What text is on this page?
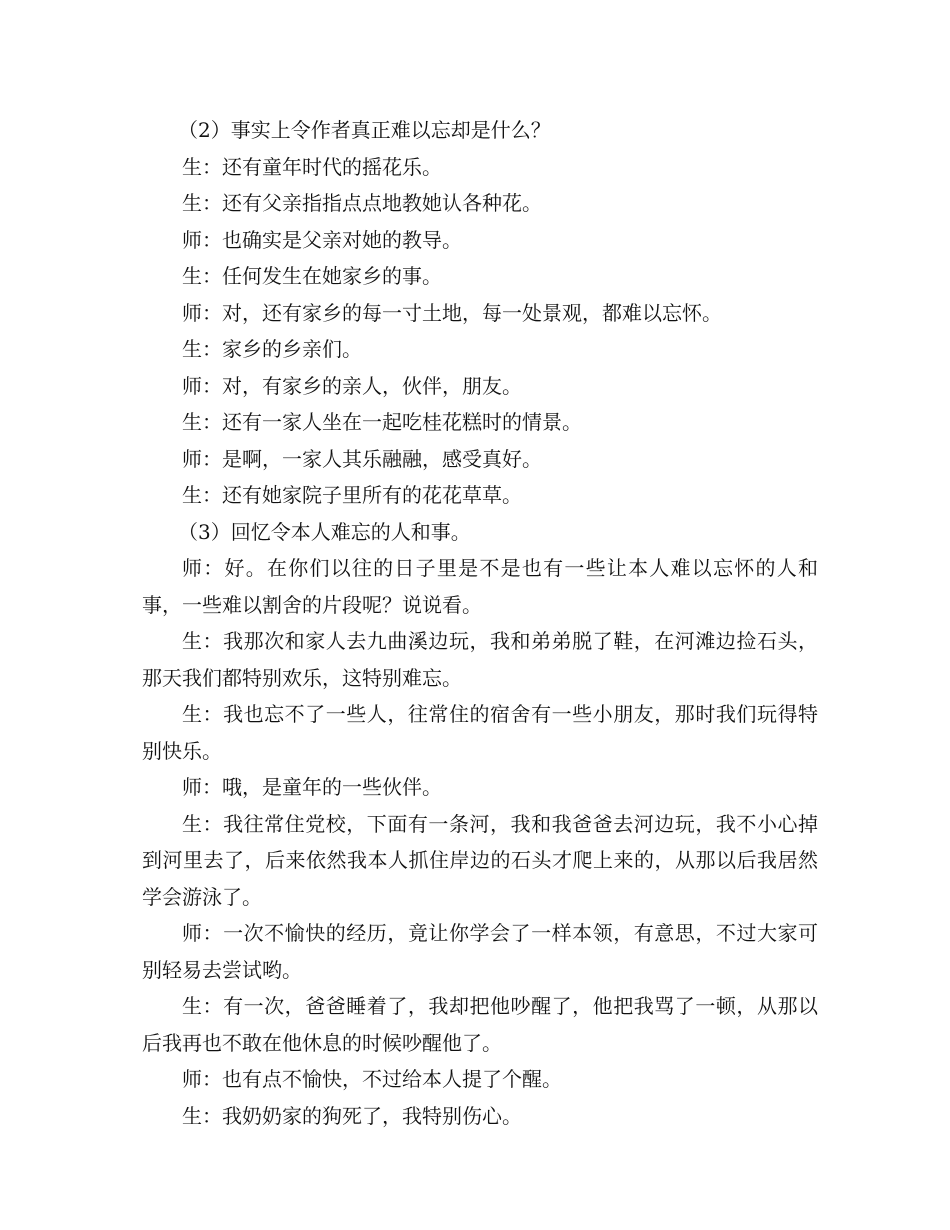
（2）事实上令作者真正难以忘却是什么？

生：还有童年时代的摇花乐。

生：还有父亲指指点点地教她认各种花。

师：也确实是父亲对她的教导。

生：任何发生在她家乡的事。

师：对，还有家乡的每一寸土地，每一处景观，都难以忘怀。

生：家乡的乡亲们。

师：对，有家乡的亲人，伙伴，朋友。

生：还有一家人坐在一起吃桂花糕时的情景。

师：是啊，一家人其乐融融，感受真好。

生：还有她家院子里所有的花花草草。

（3）回忆令本人难忘的人和事。

师：好。在你们以往的日子里是不是也有一些让本人难以忘怀的人和事，一些难以割舍的片段呢？说说看。

生：我那次和家人去九曲溪边玩，我和弟弟脱了鞋，在河滩边捡石头，那天我们都特别欢乐，这特别难忘。

生：我也忘不了一些人，往常住的宿舍有一些小朋友，那时我们玩得特别快乐。

师：哦，是童年的一些伙伴。

生：我往常住党校，下面有一条河，我和我爸爸去河边玩，我不小心掉到河里去了，后来依然我本人抓住岸边的石头才爬上来的，从那以后我居然学会游泳了。

师：一次不愉快的经历，竟让你学会了一样本领，有意思，不过大家可别轻易去尝试哟。

生：有一次，爸爸睡着了，我却把他吵醒了，他把我骂了一顿，从那以后我再也不敢在他休息的时候吵醒他了。

师：也有点不愉快，不过给本人提了个醒。

生：我奶奶家的狗死了，我特别伤心。
